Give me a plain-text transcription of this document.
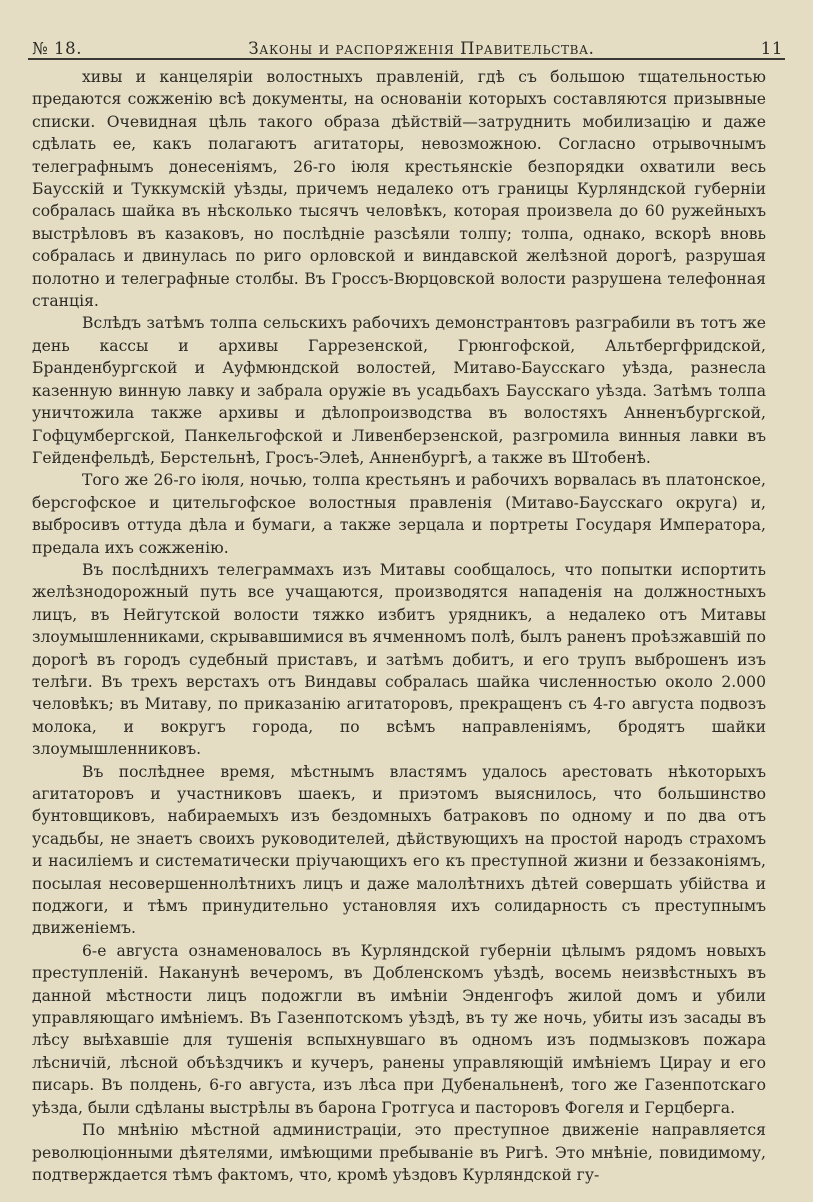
№ 18.	Законы и распоряженія Правительства.	11

хивы и канцеляріи волостныхъ правленій, гдѣ съ большою тщательностью предаются сожженію всѣ документы, на основаніи которыхъ составляются призывные списки. Очевидная цѣль такого образа дѣйствій—затруднить мобилизацію и даже сдѣлать ее, какъ полагаютъ агитаторы, невозможною. Согласно отрывочнымъ телеграфнымъ донесеніямъ, 26-го іюля крестьянскіе безпорядки охватили весь Бауcскій и Туккумскій уѣзды, причемъ недалеко отъ границы Курляндской губерніи собралась шайка въ нѣсколько тысячъ человѣкъ, которая произвела до 60 ружейныхъ выстрѣловъ въ казаковъ, но послѣдніе разсѣяли толпу; толпа, однако, вскорѣ вновь собралась и двинулась по риго орловской и виндавской желѣзной дорогѣ, разрушая полотно и телеграфные столбы. Въ Гроссъ-Вюрцовской волости разрушена телефонная станція.

Вслѣдъ затѣмъ толпа сельскихъ рабочихъ демонстрантовъ разграбили въ тотъ же день кассы и архивы Гаррезенской, Грюнгофской, Альтбергфридской, Бранденбургской и Ауфмюндской волостей, Митаво-Баусскаго уѣзда, разнесла казенную винную лавку и забрала оружіе въ усадьбахъ Баусскаго уѣзда. Затѣмъ толпа уничтожила также архивы и дѣлопроизводства въ волостяхъ Анненъбургской, Гофцумбергской, Панкельгофской и Ливенберзенской, разгромила винныя лавки въ Гейденфельдѣ, Берстельнѣ, Гросъ-Элеѣ, Анненбургѣ, а также въ Штобенѣ.

Того же 26-го іюля, ночью, толпа крестьянъ и рабочихъ ворвалась въ платонское, берсгофское и цительгофское волостныя правленія (Митаво-Баусскаго округа) и, выбросивъ оттуда дѣла и бумаги, а также зерцала и портреты Государя Императора, предала ихъ сожженію.

Въ послѣднихъ телеграммахъ изъ Митавы сообщалось, что попытки испортить желѣзнодорожный путь все учащаются, производятся нападенія на должностныхъ лицъ, въ Нейгутской волости тяжко избитъ урядникъ, а недалеко отъ Митавы злоумышленниками, скрывавшимися въ ячменномъ полѣ, былъ раненъ проѣзжавшій по дорогѣ въ городъ судебный приставъ, и затѣмъ добитъ, и его трупъ выброшенъ изъ телѣги. Въ трехъ верстахъ отъ Виндавы собралась шайка численностью около 2.000 человѣкъ; въ Митаву, по приказанію агитаторовъ, прекращенъ съ 4-го августа подвозъ молока, и вокругъ города, по всѣмъ направленіямъ, бродятъ шайки злоумышленниковъ.

Въ послѣднее время, мѣстнымъ властямъ удалось арестовать нѣкоторыхъ агитаторовъ и участниковъ шаекъ, и приэтомъ выяснилось, что большинство бунтовщиковъ, набираемыхъ изъ бездомныхъ батраковъ по одному и по два отъ усадьбы, не знаетъ своихъ руководителей, дѣйствующихъ на простой народъ страхомъ и насиліемъ и систематически пріучающихъ его къ преступной жизни и беззаконіямъ, посылая несовершеннолѣтнихъ лицъ и даже малолѣтнихъ дѣтей совершать убійства и поджоги, и тѣмъ принудительно установляя ихъ солидарность съ преступнымъ движеніемъ.

6-е августа ознаменовалось въ Курляндской губерніи цѣлымъ рядомъ новыхъ преступленій. Наканунѣ вечеромъ, въ Добленскомъ уѣздѣ, восемь неизвѣстныхъ въ данной мѣстности лицъ подожгли въ имѣніи Энденгофъ жилой домъ и убили управляющаго имѣніемъ. Въ Газенпотскомъ уѣздѣ, въ ту же ночь, убиты изъ засады въ лѣсу выѣхавшіе для тушенія вспыхнувшаго въ одномъ изъ подмызковъ пожара лѣсничій, лѣсной объѣздчикъ и кучеръ, ранены управляющій имѣніемъ Цирау и его писарь. Въ полдень, 6-го августа, изъ лѣса при Дубенальненѣ, того же Газенпотскаго уѣзда, были сдѣланы выстрѣлы въ барона Гротгуса и пасторовъ Фогеля и Герцберга.

По мнѣнію мѣстной администраціи, это преступное движеніе направляется революціонными дѣятелями, имѣющими пребываніе въ Ригѣ. Это мнѣніе, повидимому, подтверждается тѣмъ фактомъ, что, кромѣ уѣздовъ Курляндской гу-
